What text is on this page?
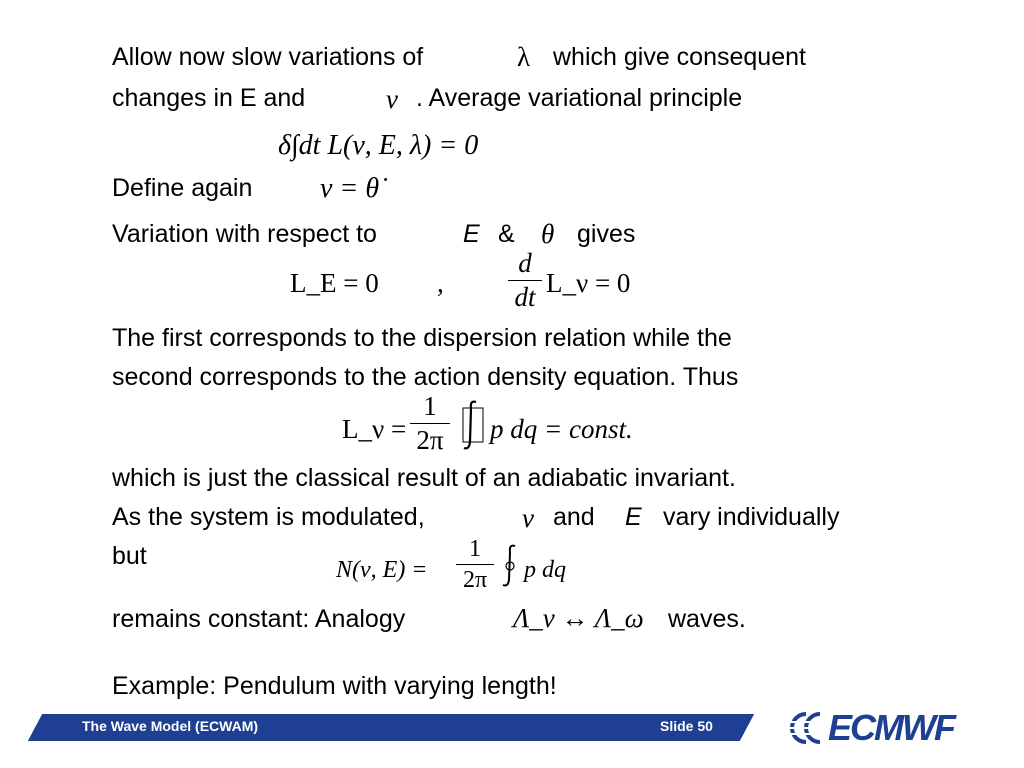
Allow now slow variations of	λ which give consequent
changes in E and	ν . Average variational principle
δ∫dt L(ν, E, λ) = 0
Define again ν = θ̇
Variation with respect to	E & θ gives
L_E = 0 ,
d
dt L_ν = 0
The first corresponds to the dispersion relation while the
second corresponds to the action density equation. Thus
L_ν =
1
2π p dq = const.
which is just the classical result of an adiabatic invariant.
As the system is modulated,	ν and E vary individually
but	N(ν, E) =
1
2π p dq
remains constant: Analogy	Λ_ν ↔ Λ_ω waves.
Example: Pendulum with varying length!
The Wave Model (ECWAM)	Slide 50	ECMWF
